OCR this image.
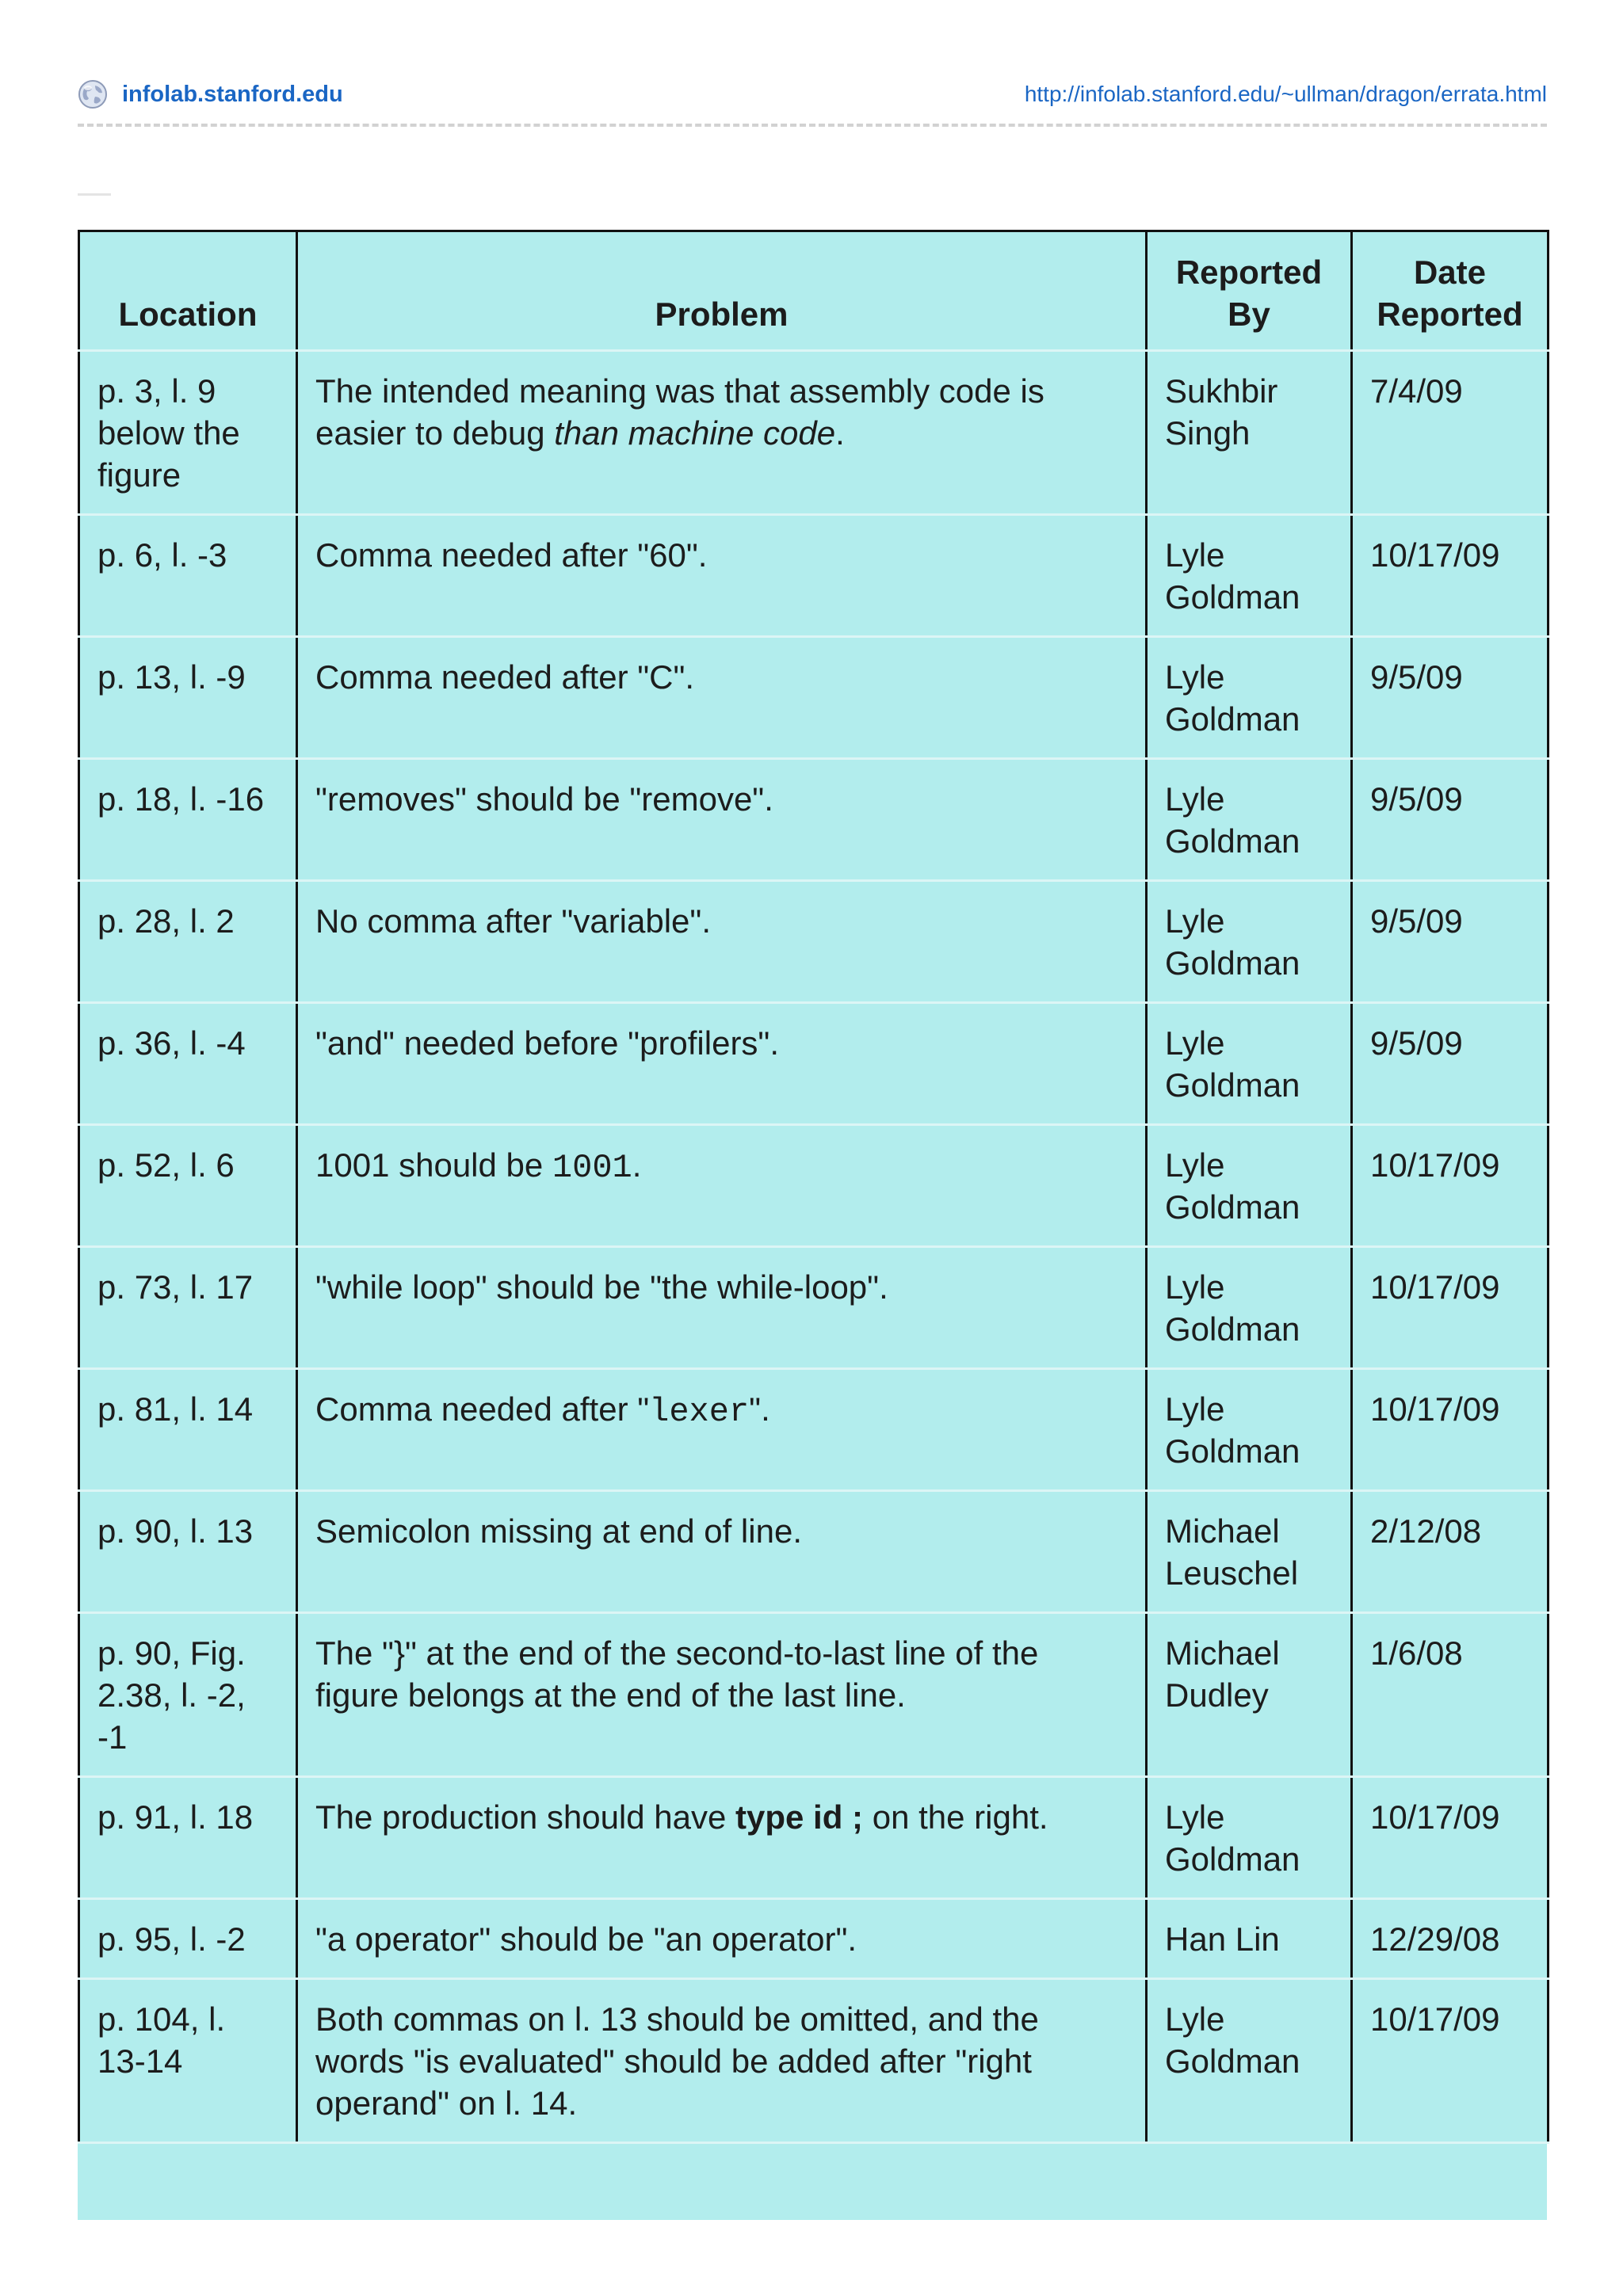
infolab.stanford.edu	http://infolab.stanford.edu/~ullman/dragon/errata.html
Location	Problem	Reported By	Date Reported
p. 3, l. 9 below the figure	The intended meaning was that assembly code is easier to debug than machine code.	Sukhbir Singh	7/4/09
p. 6, l. -3	Comma needed after "60".	Lyle Goldman	10/17/09
p. 13, l. -9	Comma needed after "C".	Lyle Goldman	9/5/09
p. 18, l. -16	"removes" should be "remove".	Lyle Goldman	9/5/09
p. 28, l. 2	No comma after "variable".	Lyle Goldman	9/5/09
p. 36, l. -4	"and" needed before "profilers".	Lyle Goldman	9/5/09
p. 52, l. 6	1001 should be 1001.	Lyle Goldman	10/17/09
p. 73, l. 17	"while loop" should be "the while-loop".	Lyle Goldman	10/17/09
p. 81, l. 14	Comma needed after "lexer".	Lyle Goldman	10/17/09
p. 90, l. 13	Semicolon missing at end of line.	Michael Leuschel	2/12/08
p. 90, Fig. 2.38, l. -2, -1	The "}" at the end of the second-to-last line of the figure belongs at the end of the last line.	Michael Dudley	1/6/08
p. 91, l. 18	The production should have type id ; on the right.	Lyle Goldman	10/17/09
p. 95, l. -2	"a operator" should be "an operator".	Han Lin	12/29/08
p. 104, l. 13-14	Both commas on l. 13 should be omitted, and the words "is evaluated" should be added after "right operand" on l. 14.	Lyle Goldman	10/17/09
